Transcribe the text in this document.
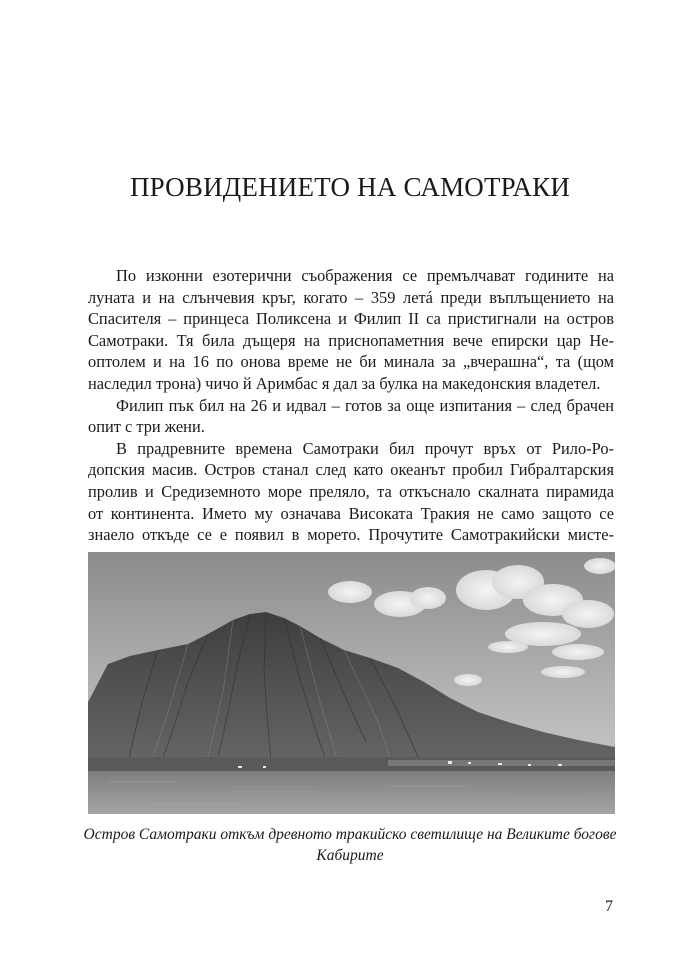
ПРОВИДЕНИЕТО НА САМОТРАКИ

По изконни езотерични съображения се премълчават годините на

луната и на слънчевия кръг, когато – 359 летá преди въплъщението на
Спасителя – принцеса Поликсена и Филип II са пристигнали на остров
Самотраки. Тя била дъщеря на приснопаметния вече епирски цар Не-
оптолем и на 16 по онова време не би минала за „вчерашна“, та (щом
наследил трона) чичо й Аримбас я дал за булка на македонския владетел.

Филип пък бил на 26 и идвал – готов за още изпитания – след брачен

опит с три жени.

В прадревните времена Самотраки бил прочут връх от Рило-Ро-

допския масив. Остров станал след като океанът пробил Гибралтарския
пролив и Средиземното море преляло, та откъснало скалната пирамида
от континента. Името му означава Високата Тракия не само защото се
знаело откъде се е появил в морето. Прочутите Самотракийски мисте-

Остров Самотраки откъм древното тракийско светилище на Великите богове
Кабирите

7
